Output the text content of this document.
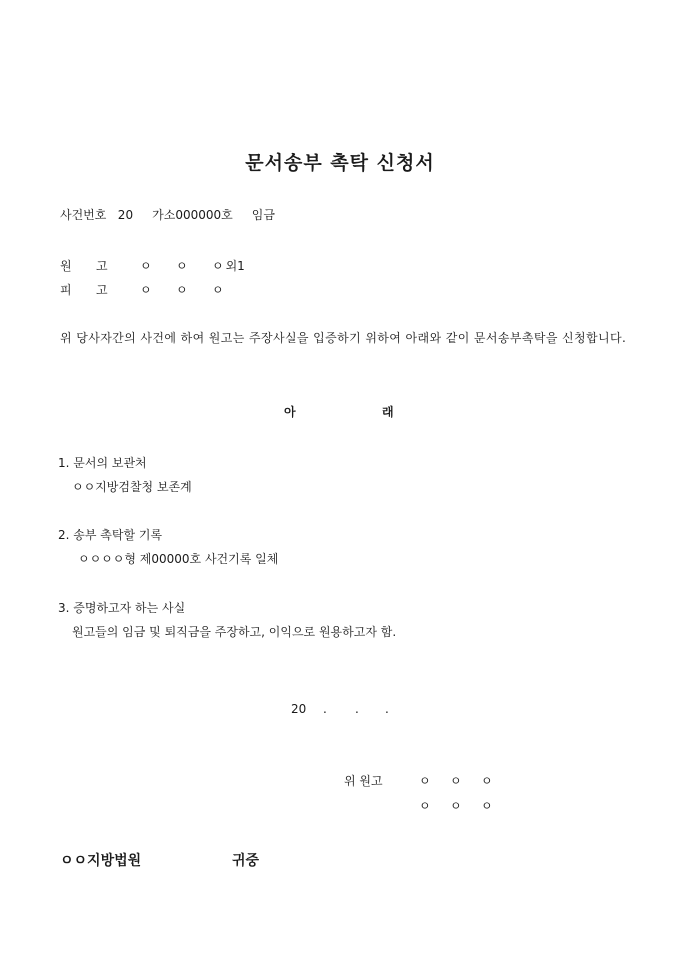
문서송부 촉탁 신청서
사건번호   20     가소000000호     임금
원 고	ㅇ ㅇ ㅇ 외1
피 고	ㅇ ㅇ ㅇ
위 당사자간의 사건에 하여 원고는 주장사실을 입증하기 위하여 아래와 같이 문서송부촉탁을 신청합니다.
아	래
1. 문서의 보관처
ㅇㅇ지방검찰청 보존계
2. 송부 촉탁할 기록
ㅇㅇㅇㅇ형 제00000호 사건기록 일체
3. 증명하고자 하는 사실
원고들의 임금 및 퇴직금을 주장하고, 이익으로 원용하고자 함.
20 . . .
위 원고	ㅇ ㅇ ㅇ
ㅇ ㅇ ㅇ
ㅇㅇ지방법원	귀중
